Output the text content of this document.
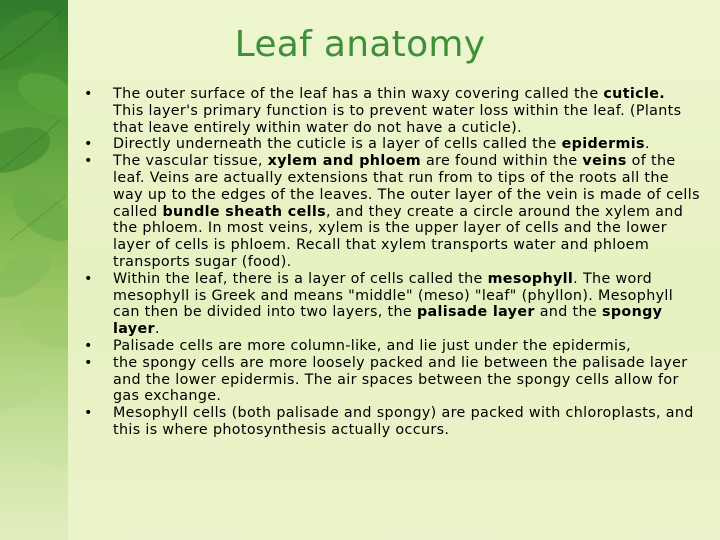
Leaf anatomy
• The outer surface of the leaf has a thin waxy covering called the cuticle. This layer's primary function is to prevent water loss within the leaf. (Plants that leave entirely within water do not have a cuticle).
• Directly underneath the cuticle is a layer of cells called the epidermis.
• The vascular tissue, xylem and phloem are found within the veins of the leaf. Veins are actually extensions that run from to tips of the roots all the way up to the edges of the leaves. The outer layer of the vein is made of cells called bundle sheath cells, and they create a circle around the xylem and the phloem. In most veins, xylem is the upper layer of cells and the lower layer of cells is phloem. Recall that xylem transports water and phloem transports sugar (food).
• Within the leaf, there is a layer of cells called the mesophyll. The word mesophyll is Greek and means "middle" (meso) "leaf" (phyllon). Mesophyll can then be divided into two layers, the palisade layer and the spongy layer.
• Palisade cells are more column-like, and lie just under the epidermis,
• the spongy cells are more loosely packed and lie between the palisade layer and the lower epidermis. The air spaces between the spongy cells allow for gas exchange.
• Mesophyll cells (both palisade and spongy) are packed with chloroplasts, and this is where photosynthesis actually occurs.
